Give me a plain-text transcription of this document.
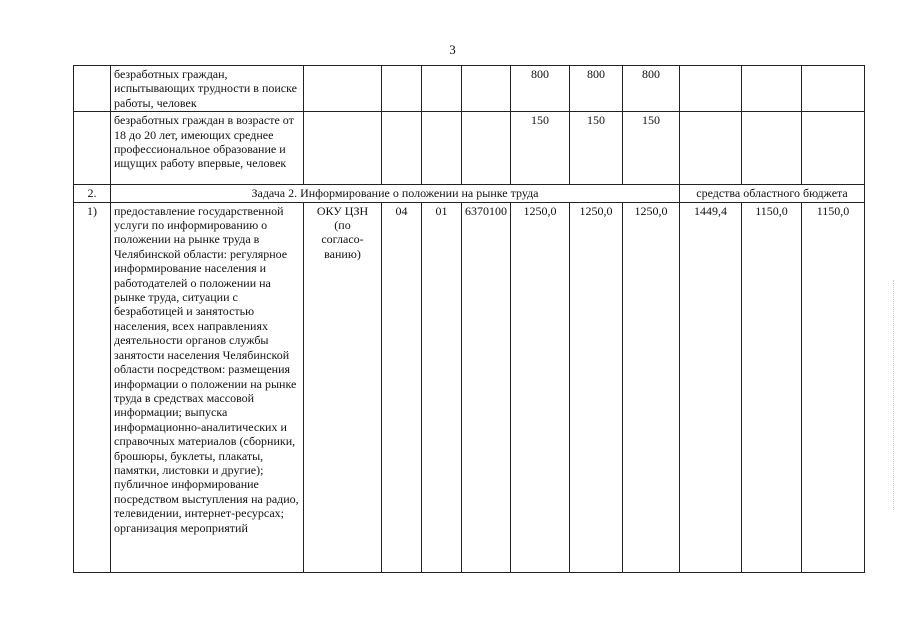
3
	безработных граждан, испытывающих трудности в поиске работы, человек					800	800	800			
	безработных граждан в возрасте от 18 до 20 лет, имеющих среднее профессиональное образование и ищущих работу впервые, человек					150	150	150			
2.	Задача 2. Информирование о положении на рынке труда								средства областного бюджета		
1)	предоставление государственной услуги по информированию о положении на рынке труда в Челябинской области: регулярное информирование населения и работодателей о положении на рынке труда, ситуации с безработицей и занятостью населения, всех направлениях деятельности органов службы занятости населения Челябинской области посредством: размещения информации о положении на рынке труда в средствах массовой информации; выпуска информационно-аналитических и справочных материалов (сборники, брошюры, буклеты, плакаты, памятки, листовки и другие); публичное информирование посредством выступления на радио, телевидении, интернет-ресурсах; организация мероприятий	ОКУ ЦЗН
(по согласо-ванию)	04	01	6370100	1250,0	1250,0	1250,0	1449,4	1150,0	1150,0
